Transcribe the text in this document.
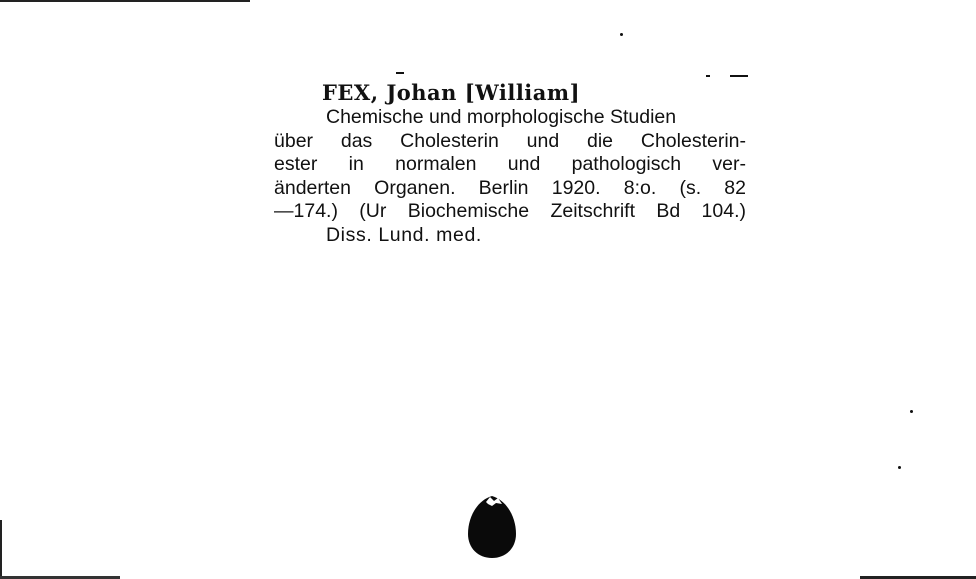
FEX, Johan [William]
Chemische und morphologische Studien
über das Cholesterin und die Cholesterin-
ester in normalen und pathologisch ver-
änderten Organen. Berlin 1920. 8:o. (s. 82
—174.) (Ur Biochemische Zeitschrift Bd 104.)
Diss. Lund. med.
